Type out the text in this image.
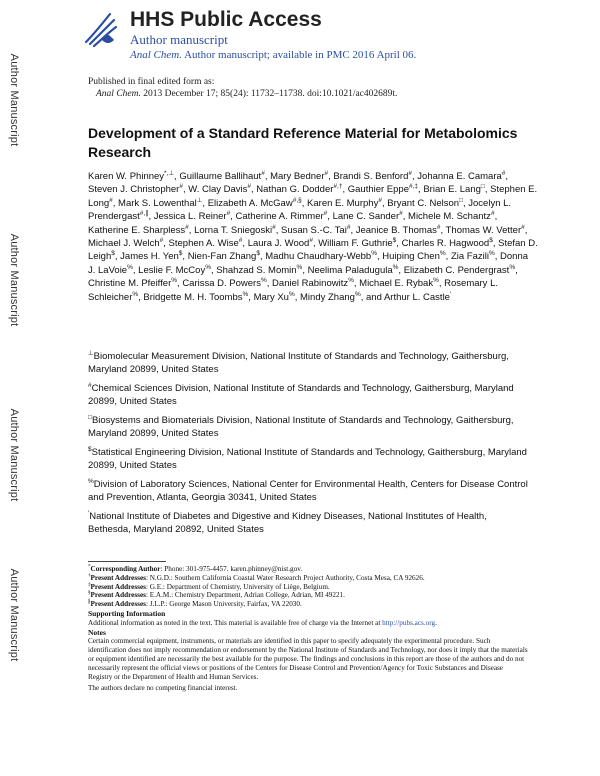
Author Manuscript
Author Manuscript
Author Manuscript
Author Manuscript
HHS Public Access
Author manuscript
Anal Chem. Author manuscript; available in PMC 2016 April 06.
Published in final edited form as:
Anal Chem. 2013 December 17; 85(24): 11732–11738. doi:10.1021/ac402689t.
Development of a Standard Reference Material for Metabolomics Research
Karen W. Phinney*,⊥, Guillaume Ballihaut#, Mary Bedner#, Brandi S. Benford#, Johanna E. Camara#, Steven J. Christopher#, W. Clay Davis#, Nathan G. Dodder#,†, Gauthier Eppe#,‡, Brian E. Lang□, Stephen E. Long#, Mark S. Lowenthal⊥, Elizabeth A. McGaw#,§, Karen E. Murphy#, Bryant C. Nelson□, Jocelyn L. Prendergast#,∥, Jessica L. Reiner#, Catherine A. Rimmer#, Lane C. Sander#, Michele M. Schantz#, Katherine E. Sharpless#, Lorna T. Sniegoski#, Susan S.-C. Tai#, Jeanice B. Thomas#, Thomas W. Vetter#, Michael J. Welch#, Stephen A. Wise#, Laura J. Wood#, William F. Guthrie$, Charles R. Hagwood$, Stefan D. Leigh$, James H. Yen$, Nien-Fan Zhang$, Madhu Chaudhary-Webb%, Huiping Chen%, Zia Fazili%, Donna J. LaVoie%, Leslie F. McCoy%, Shahzad S. Momin%, Neelima Paladugula%, Elizabeth C. Pendergrast%, Christine M. Pfeiffer%, Carissa D. Powers%, Daniel Rabinowitz%, Michael E. Rybak%, Rosemary L. Schleicher%, Bridgette M. H. Toombs%, Mary Xu%, Mindy Zhang%, and Arthur L. Castle′
⊥Biomolecular Measurement Division, National Institute of Standards and Technology, Gaithersburg, Maryland 20899, United States
#Chemical Sciences Division, National Institute of Standards and Technology, Gaithersburg, Maryland 20899, United States
□Biosystems and Biomaterials Division, National Institute of Standards and Technology, Gaithersburg, Maryland 20899, United States
$Statistical Engineering Division, National Institute of Standards and Technology, Gaithersburg, Maryland 20899, United States
%Division of Laboratory Sciences, National Center for Environmental Health, Centers for Disease Control and Prevention, Atlanta, Georgia 30341, United States

*Corresponding Author: Phone: 301-975-4457. karen.phinney@nist.gov.

†Present Addresses: N.G.D.: Southern California Coastal Water Research Project Authority, Costa Mesa, CA 92626.

‡Present Addresses: G.E.: Department of Chemistry, University of Liège, Belgium.

§Present Addresses: E.A.M.: Chemistry Department, Adrian College, Adrian, MI 49221.

∥Present Addresses: J.L.P.: George Mason University, Fairfax, VA 22030.

Supporting Information

Additional information as noted in the text. This material is available free of charge via the Internet at http://pubs.acs.org.

Notes

Certain commercial equipment, instruments, or materials are identified in this paper to specify adequately the experimental procedure. Such identification does not imply recommendation or endorsement by the National Institute of Standards and Technology, nor does it imply that the materials or equipment identified are necessarily the best available for the purpose. The findings and conclusions in this report are those of the authors and do not necessarily represent the official views or positions of the Centers for Disease Control and Prevention/Agency for Toxic Substances and Disease Registry or the Department of Health and Human Services.

The authors declare no competing financial interest.

′National Institute of Diabetes and Digestive and Kidney Diseases, National Institutes of Health, Bethesda, Maryland 20892, United States
